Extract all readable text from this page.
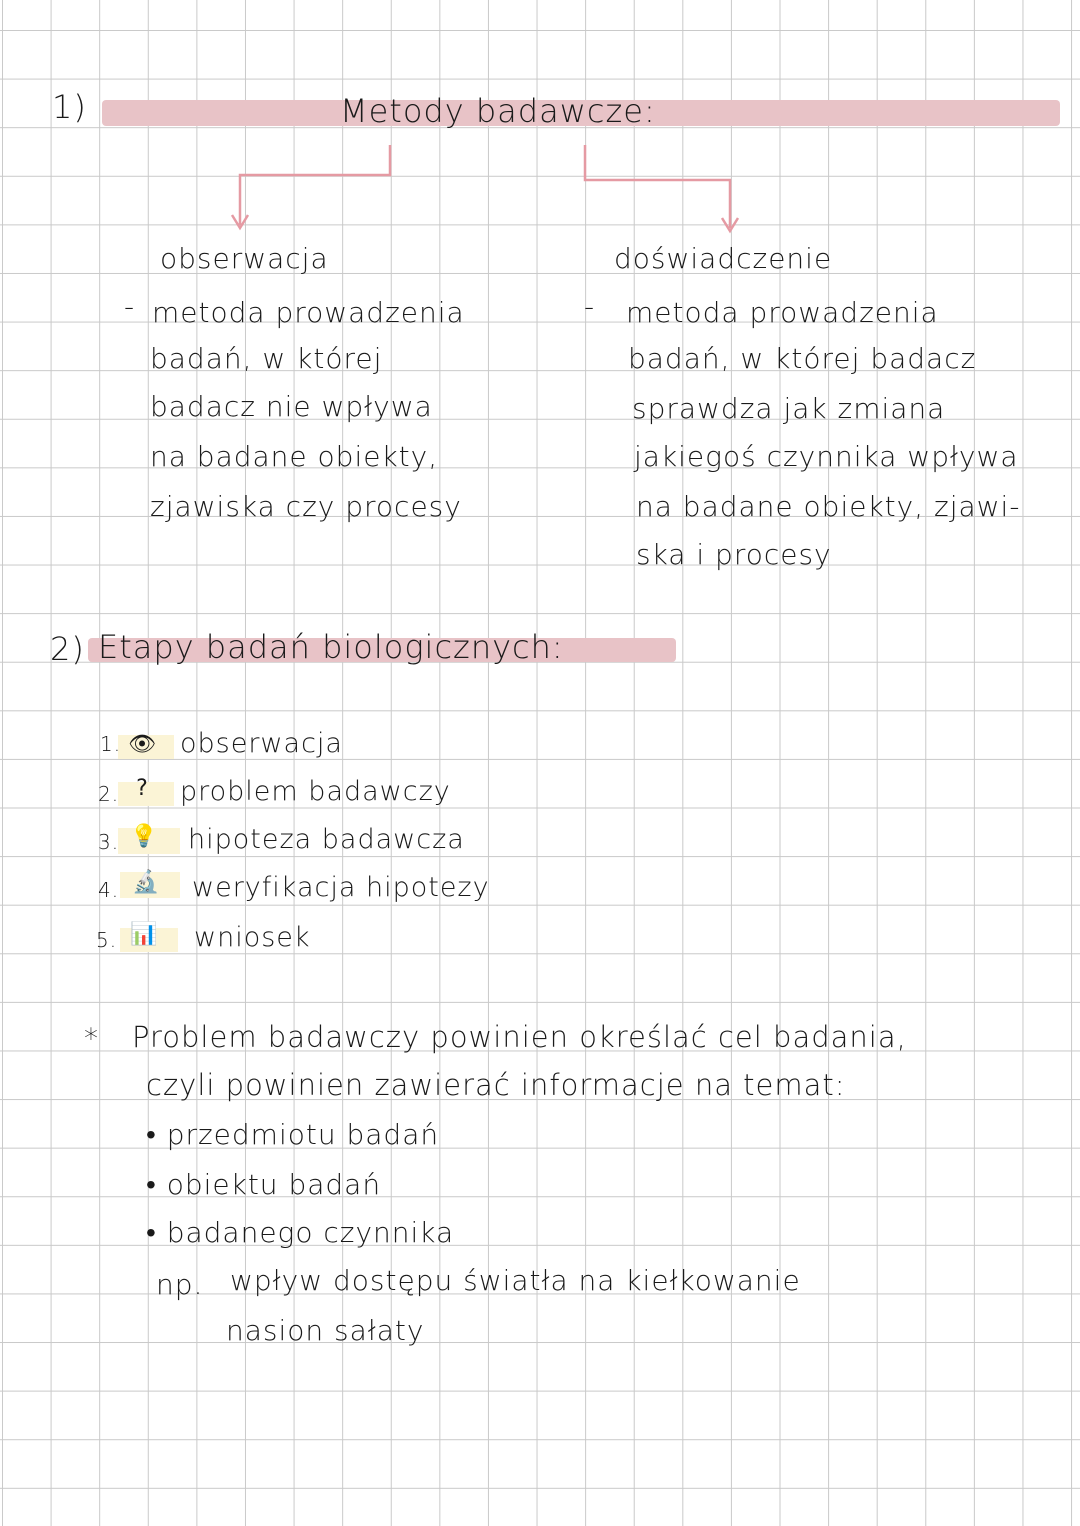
1)	Metody badawcze:
obserwacja
- metoda prowadzenia
badań, w której
badacz nie wpływa
na badane obiekty,
zjawiska czy procesy
doświadczenie
- metoda prowadzenia
badań, w której badacz
sprawdza jak zmiana
jakiegoś czynnika wpływa
na badane obiekty, zjawi-
ska i procesy
2) Etapy badań biologicznych:
1. 👁 obserwacja
2. ?	problem badawczy
3. 💡 hipoteza badawcza
4. 🔬 weryfikacja hipotezy
5. 📊 wniosek
* Problem badawczy powinien określać cel badania,
czyli powinien zawierać informacje na temat:
• przedmiotu badań
• obiektu badań
• badanego czynnika
np. wpływ dostępu światła na kiełkowanie
nasion sałaty
